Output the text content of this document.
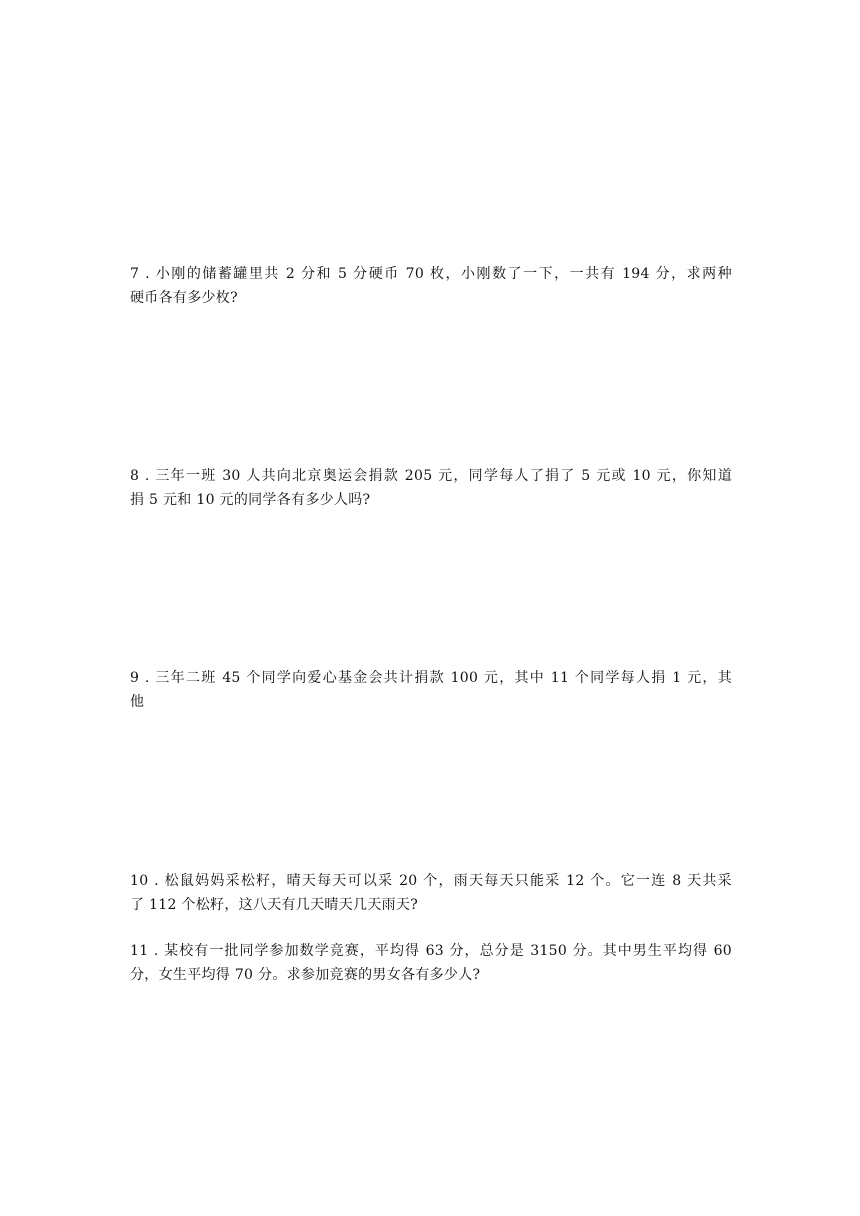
7 . 小刚的储蓄罐里共 2 分和 5 分硬币 70 枚，小刚数了一下，一共有 194 分，求两种
硬币各有多少枚?
8 . 三年一班 30 人共向北京奥运会捐款 205 元，同学每人了捐了 5 元或 10 元，你知道
捐 5 元和 10 元的同学各有多少人吗?
9 . 三年二班 45 个同学向爱心基金会共计捐款 100 元，其中 11 个同学每人捐 1 元，其
他
10 . 松鼠妈妈采松籽，晴天每天可以采 20 个，雨天每天只能采 12 个。它一连 8 天共采
了 112 个松籽，这八天有几天晴天几天雨天?
11 . 某校有一批同学参加数学竞赛，平均得 63 分，总分是 3150 分。其中男生平均得 60
分，女生平均得 70 分。求参加竞赛的男女各有多少人?
